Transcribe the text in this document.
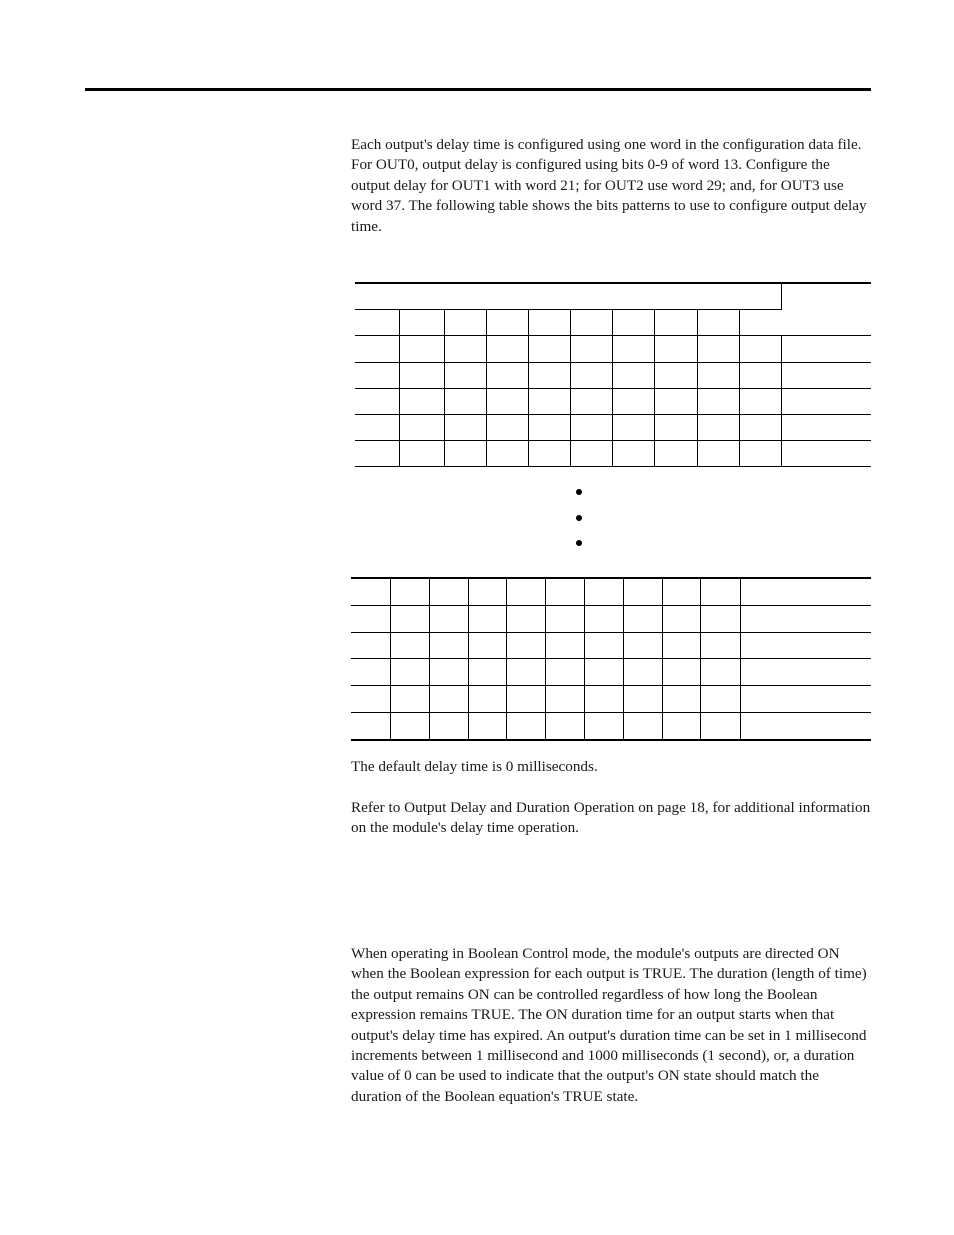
Each output's delay time is configured using one word in the configuration data file. For OUT0, output delay is configured using bits 0-9 of word 13. Configure the output delay for OUT1 with word 21; for OUT2 use word 29; and, for OUT3 use word 37. The following table shows the bits patterns to use to configure output delay time.

The default delay time is 0 milliseconds.

Refer to Output Delay and Duration Operation on page 18, for additional information on the module's delay time operation.

When operating in Boolean Control mode, the module's outputs are directed ON when the Boolean expression for each output is TRUE. The duration (length of time) the output remains ON can be controlled regardless of how long the Boolean expression remains TRUE. The ON duration time for an output starts when that output's delay time has expired. An output's duration time can be set in 1 millisecond increments between 1 millisecond and 1000 milliseconds (1 second), or, a duration value of 0 can be used to indicate that the output's ON state should match the duration of the Boolean equation's TRUE state.
